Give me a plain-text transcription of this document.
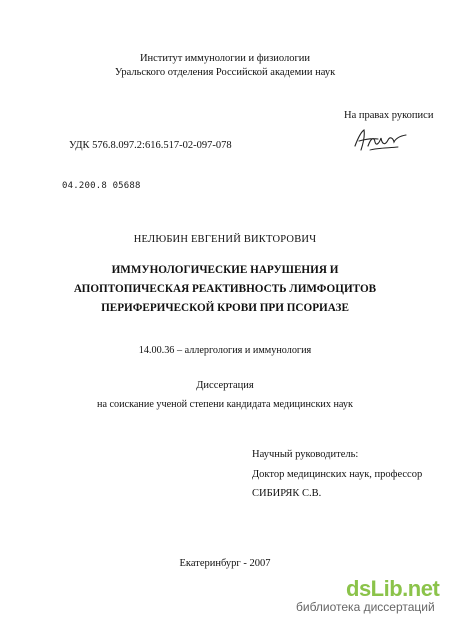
Институт иммунологии и физиологии
Уральского отделения Российской академии наук
На правах рукописи
УДК 576.8.097.2:616.517-02-097-078
04.200.8 05688
НЕЛЮБИН ЕВГЕНИЙ ВИКТОРОВИЧ
ИММУНОЛОГИЧЕСКИЕ НАРУШЕНИЯ И
АПОПТОПИЧЕСКАЯ РЕАКТИВНОСТЬ ЛИМФОЦИТОВ
ПЕРИФЕРИЧЕСКОЙ КРОВИ ПРИ ПСОРИАЗЕ
14.00.36 – аллергология и иммунология
Диссертация
на соискание ученой степени кандидата медицинских наук
Научный руководитель:
Доктор медицинских наук, профессор
СИБИРЯК С.В.
Екатеринбург - 2007
dsLib.net
библиотека диссертаций
